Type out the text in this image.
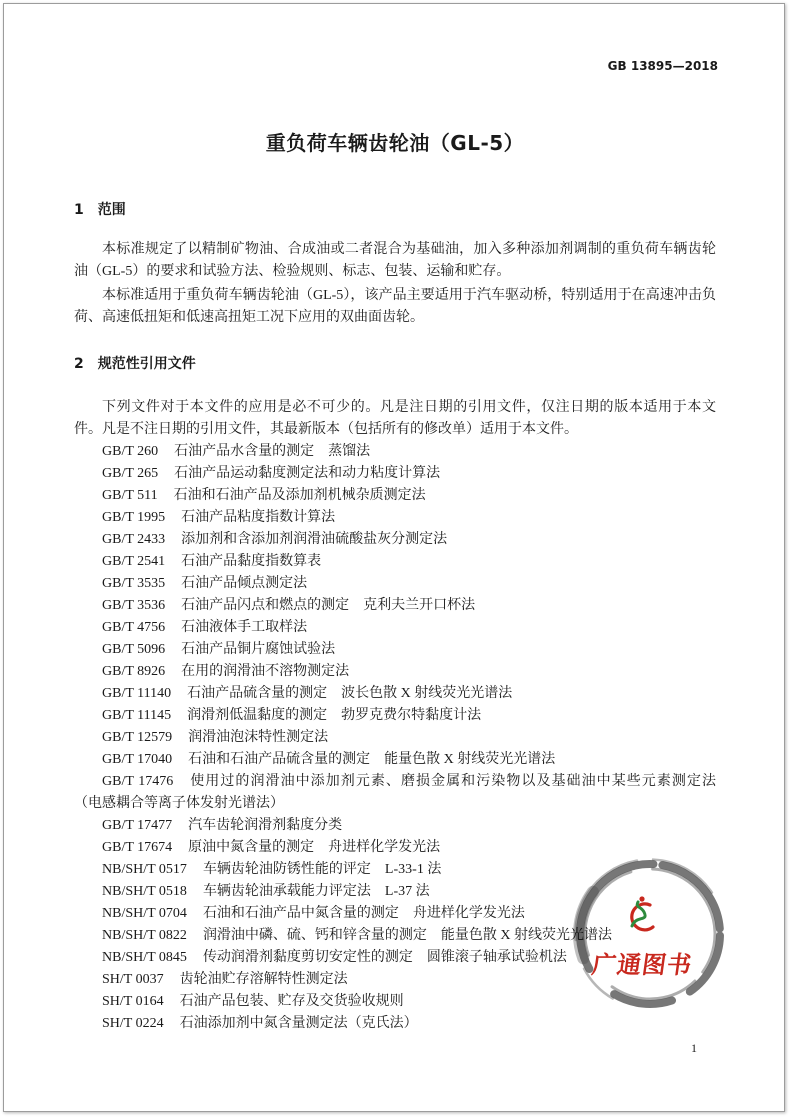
GB 13895—2018
重负荷车辆齿轮油（GL-5）
1 范围

本标准规定了以精制矿物油、合成油或二者混合为基础油，加入多种添加剂调制的重负荷车辆齿轮油（GL-5）的要求和试验方法、检验规则、标志、包装、运输和贮存。

本标准适用于重负荷车辆齿轮油（GL-5），该产品主要适用于汽车驱动桥，特别适用于在高速冲击负荷、高速低扭矩和低速高扭矩工况下应用的双曲面齿轮。

2 规范性引用文件

下列文件对于本文件的应用是必不可少的。凡是注日期的引用文件，仅注日期的版本适用于本文件。凡是不注日期的引用文件，其最新版本（包括所有的修改单）适用于本文件。

GB/T 260 石油产品水含量的测定　蒸馏法
GB/T 265 石油产品运动黏度测定法和动力粘度计算法
GB/T 511 石油和石油产品及添加剂机械杂质测定法
GB/T 1995 石油产品粘度指数计算法
GB/T 2433 添加剂和含添加剂润滑油硫酸盐灰分测定法
GB/T 2541 石油产品黏度指数算表
GB/T 3535 石油产品倾点测定法
GB/T 3536 石油产品闪点和燃点的测定　克利夫兰开口杯法
GB/T 4756 石油液体手工取样法
GB/T 5096 石油产品铜片腐蚀试验法
GB/T 8926 在用的润滑油不溶物测定法
GB/T 11140 石油产品硫含量的测定　波长色散 X 射线荧光光谱法
GB/T 11145 润滑剂低温黏度的测定　勃罗克费尔特黏度计法
GB/T 12579 润滑油泡沫特性测定法
GB/T 17040 石油和石油产品硫含量的测定　能量色散 X 射线荧光光谱法
GB/T 17476 使用过的润滑油中添加剂元素、磨损金属和污染物以及基础油中某些元素测定法（电感耦合等离子体发射光谱法）
GB/T 17477 汽车齿轮润滑剂黏度分类
GB/T 17674 原油中氮含量的测定　舟进样化学发光法
NB/SH/T 0517 车辆齿轮油防锈性能的评定　L-33-1 法
NB/SH/T 0518 车辆齿轮油承载能力评定法　L-37 法
NB/SH/T 0704 石油和石油产品中氮含量的测定　舟进样化学发光法
NB/SH/T 0822 润滑油中磷、硫、钙和锌含量的测定　能量色散 X 射线荧光光谱法
NB/SH/T 0845 传动润滑剂黏度剪切安定性的测定　圆锥滚子轴承试验机法
SH/T 0037 齿轮油贮存溶解特性测定法
SH/T 0164 石油产品包装、贮存及交货验收规则
SH/T 0224 石油添加剂中氮含量测定法（克氏法）
1
广通图书
